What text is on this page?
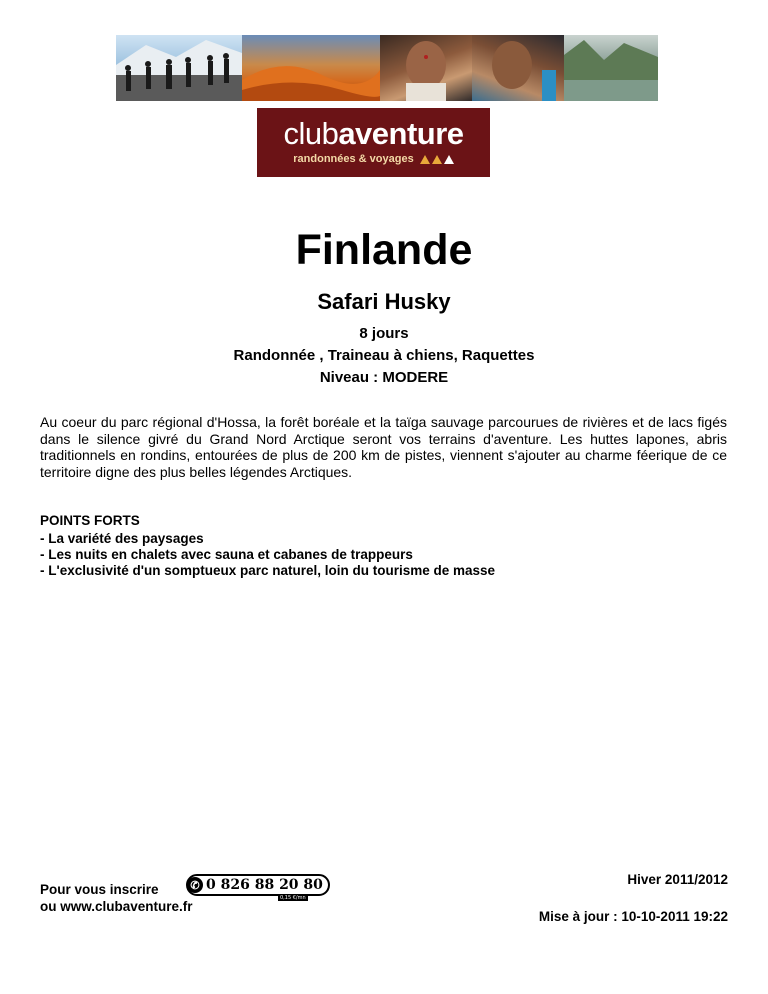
clubaventure
randonnées & voyages
Finlande
Safari Husky
8 jours
Randonnée , Traineau à chiens, Raquettes
Niveau : MODERE
Au coeur du parc régional d'Hossa, la forêt boréale et la taïga sauvage parcourues de rivières et de lacs figés dans le silence givré du Grand Nord Arctique seront vos terrains d'aventure. Les huttes lapones, abris traditionnels en rondins, entourées de plus de 200 km de pistes, viennent s'ajouter au charme féerique de ce territoire digne des plus belles légendes Arctiques.
POINTS FORTS
- La variété des paysages
- Les nuits en chalets avec sauna et cabanes de trappeurs
- L'exclusivité d'un somptueux parc naturel, loin du tourisme de masse
Pour vous inscrire	✆ 0 826 88 20 80
0,15 €/mn
ou www.clubaventure.fr
Hiver 2011/2012
Mise à jour : 10-10-2011 19:22
